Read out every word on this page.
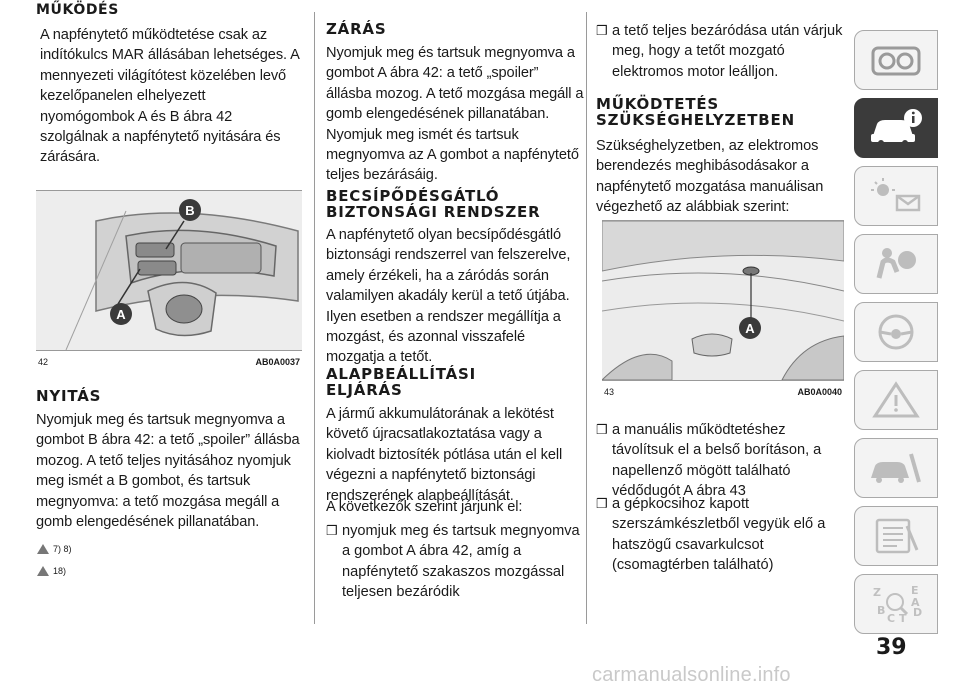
MŰKÖDÉS
A napfénytető működtetése csak az indítókulcs MAR állásában lehetséges. A mennyezeti világítótest közelében levő kezelőpanelen elhelyezett nyomógombok A és B ábra 42 szolgálnak a napfénytető nyitására és zárására.
B
A
42	AB0A0037
NYITÁS
Nyomjuk meg és tartsuk megnyomva a gombot B ábra 42: a tető „spoiler” állásba mozog. A tető teljes nyitásához nyomjuk meg ismét a B gombot, és tartsuk megnyomva: a tető mozgása megáll a gomb elengedésének pillanatában.
7) 8)
18)
ZÁRÁS
Nyomjuk meg és tartsuk megnyomva a gombot A ábra 42: a tető „spoiler” állásba mozog. A tető mozgása megáll a gomb elengedésének pillanatában. Nyomjuk meg ismét és tartsuk megnyomva az A gombot a napfénytető teljes bezárásáig.
BECSÍPŐDÉSGÁTLÓ
BIZTONSÁGI RENDSZER
A napfénytető olyan becsípődésgátló biztonsági rendszerrel van felszerelve, amely érzékeli, ha a záródás során valamilyen akadály kerül a tető útjába. Ilyen esetben a rendszer megállítja a mozgást, és azonnal visszafelé mozgatja a tetőt.
ALAPBEÁLLÍTÁSI
ELJÁRÁS
A jármű akkumulátorának a lekötést követő újracsatlakoztatása vagy a kiolvadt biztosíték pótlása után el kell végezni a napfénytető biztonsági rendszerének alapbeállítását.
A következők szerint járjunk el:
❒ nyomjuk meg és tartsuk megnyomva a gombot A ábra 42, amíg a napfénytető szakaszos mozgással teljesen bezáródik
❒ a tető teljes bezáródása után várjuk meg, hogy a tetőt mozgató elektromos motor leálljon.
MŰKÖDTETÉS
SZÜKSÉGHELYZETBEN
Szükséghelyzetben, az elektromos berendezés meghibásodásakor a napfénytető mozgatása manuálisan végezhető az alábbiak szerint:
A
43	AB0A0040
❒ a manuális működtetéshez távolítsuk el a belső borításon, a napellenző mögött található védődugót A ábra 43
❒ a gépkocsihoz kapott szerszámkészletből vegyük elő a hatszögű csavarkulcsot (csomagtérben található)
Z	E
B
C T D
A
39
carmanualsonline.info
